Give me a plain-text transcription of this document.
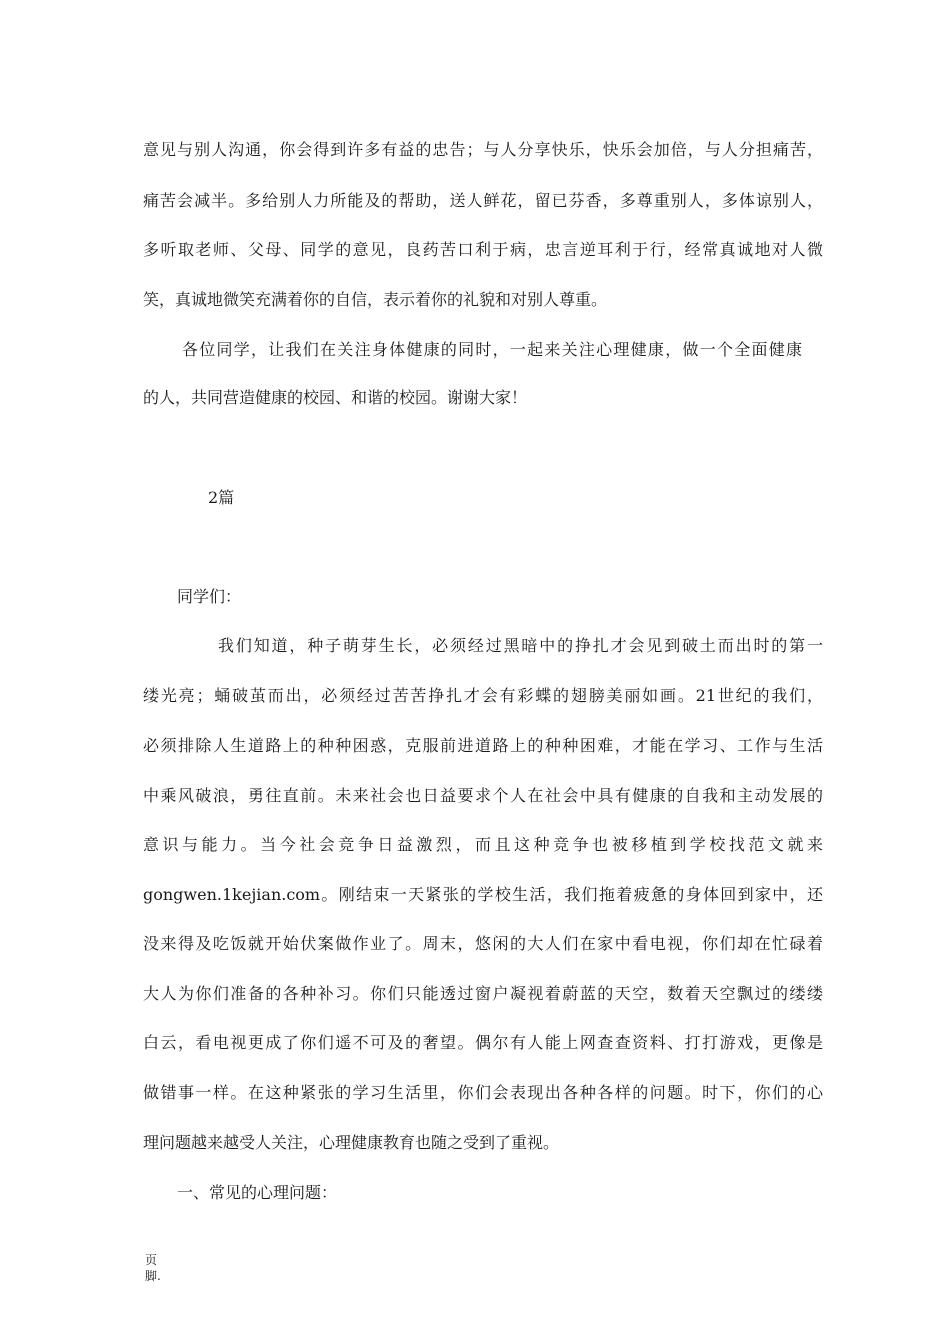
意见与别人沟通，你会得到许多有益的忠告；与人分享快乐，快乐会加倍，与人分担痛苦，
痛苦会减半。多给别人力所能及的帮助，送人鲜花，留已芬香，多尊重别人，多体谅别人，
多听取老师、父母、同学的意见，良药苦口利于病，忠言逆耳利于行，经常真诚地对人微
笑，真诚地微笑充满着你的自信，表示着你的礼貌和对别人尊重。
各位同学，让我们在关注身体健康的同时，一起来关注心理健康，做一个全面健康
的人，共同营造健康的校园、和谐的校园。谢谢大家！
2篇
同学们：
我们知道，种子萌芽生长，必须经过黑暗中的挣扎才会见到破土而出时的第一
缕光亮；蛹破茧而出，必须经过苦苦挣扎才会有彩蝶的翅膀美丽如画。21世纪的我们，
必须排除人生道路上的种种困惑，克服前进道路上的种种困难，才能在学习、工作与生活
中乘风破浪，勇往直前。未来社会也日益要求个人在社会中具有健康的自我和主动发展的
意识与能力。当今社会竞争日益激烈，而且这种竞争也被移植到学校找范文就来
gongwen.1kejian.com。刚结束一天紧张的学校生活，我们拖着疲惫的身体回到家中，还
没来得及吃饭就开始伏案做作业了。周末，悠闲的大人们在家中看电视，你们却在忙碌着
大人为你们准备的各种补习。你们只能透过窗户凝视着蔚蓝的天空，数着天空飘过的缕缕
白云，看电视更成了你们遥不可及的奢望。偶尔有人能上网查查资料、打打游戏，更像是
做错事一样。在这种紧张的学习生活里，你们会表现出各种各样的问题。时下，你们的心
理问题越来越受人关注，心理健康教育也随之受到了重视。
一、常见的心理问题：
页脚.
